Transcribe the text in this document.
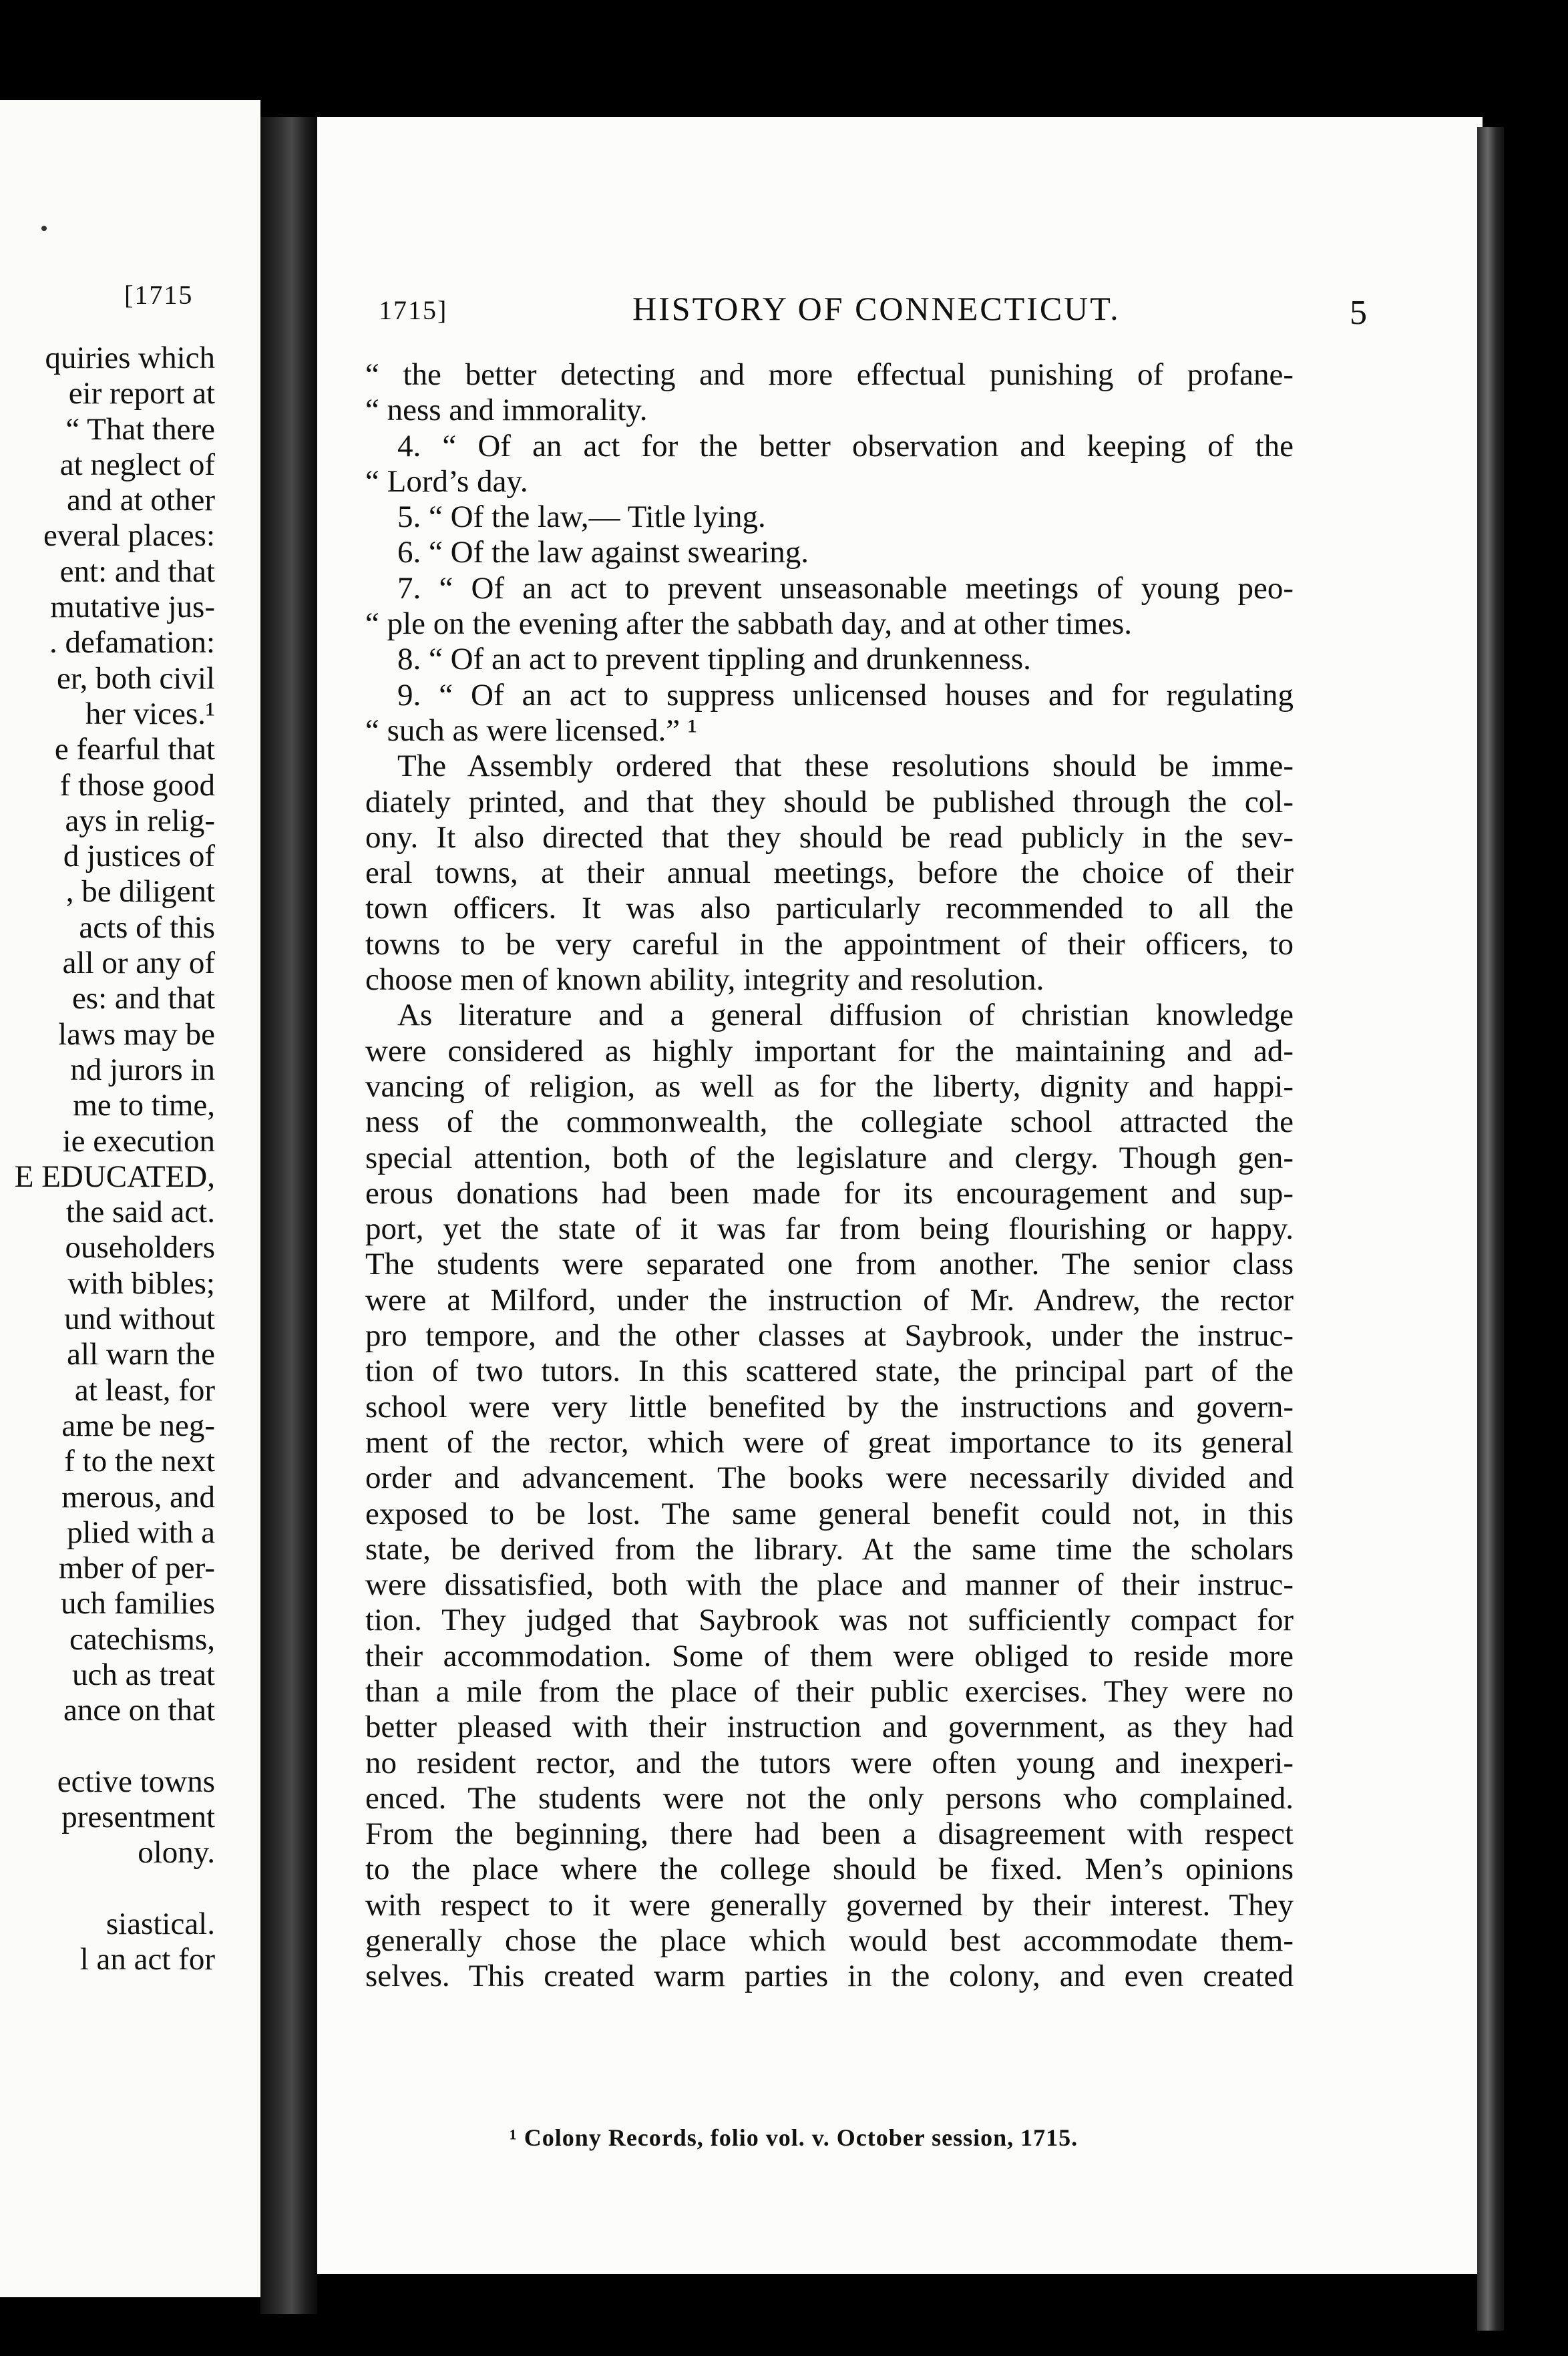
[1715
quiries which
eir report at
“ That there
at neglect of
and at other
everal places:
ent: and that
mutative jus-
. defamation:
er, both civil
her vices.¹
e fearful that
f those good
ays in relig-
d justices of
, be diligent
acts of this
all or any of
es: and that
laws may be
nd jurors in
me to time,
ie execution
E EDUCATED,
the said act.
ouseholders
with bibles;
und without
all warn the
at least, for
ame be neg-
f to the next
merous, and
plied with a
mber of per-
uch families
catechisms,
uch as treat
ance on that
ective towns
presentment
olony.
siastical.
l an act for
1715]	HISTORY OF CONNECTICUT.	5
“ the better detecting and more effectual punishing of profane-
“ ness and immorality.
4. “ Of an act for the better observation and keeping of the
“ Lord’s day.
5. “ Of the law,— Title lying.
6. “ Of the law against swearing.
7. “ Of an act to prevent unseasonable meetings of young peo-
“ ple on the evening after the sabbath day, and at other times.
8. “ Of an act to prevent tippling and drunkenness.
9. “ Of an act to suppress unlicensed houses and for regulating
“ such as were licensed.” ¹
The Assembly ordered that these resolutions should be imme-
diately printed, and that they should be published through the col-
ony. It also directed that they should be read publicly in the sev-
eral towns, at their annual meetings, before the choice of their
town officers. It was also particularly recommended to all the
towns to be very careful in the appointment of their officers, to
choose men of known ability, integrity and resolution.
As literature and a general diffusion of christian knowledge
were considered as highly important for the maintaining and ad-
vancing of religion, as well as for the liberty, dignity and happi-
ness of the commonwealth, the collegiate school attracted the
special attention, both of the legislature and clergy. Though gen-
erous donations had been made for its encouragement and sup-
port, yet the state of it was far from being flourishing or happy.
The students were separated one from another. The senior class
were at Milford, under the instruction of Mr. Andrew, the rector
pro tempore, and the other classes at Saybrook, under the instruc-
tion of two tutors. In this scattered state, the principal part of the
school were very little benefited by the instructions and govern-
ment of the rector, which were of great importance to its general
order and advancement. The books were necessarily divided and
exposed to be lost. The same general benefit could not, in this
state, be derived from the library. At the same time the scholars
were dissatisfied, both with the place and manner of their instruc-
tion. They judged that Saybrook was not sufficiently compact for
their accommodation. Some of them were obliged to reside more
than a mile from the place of their public exercises. They were no
better pleased with their instruction and government, as they had
no resident rector, and the tutors were often young and inexperi-
enced. The students were not the only persons who complained.
From the beginning, there had been a disagreement with respect
to the place where the college should be fixed. Men’s opinions
with respect to it were generally governed by their interest. They
generally chose the place which would best accommodate them-
selves. This created warm parties in the colony, and even created
¹ Colony Records, folio vol. v. October session, 1715.
